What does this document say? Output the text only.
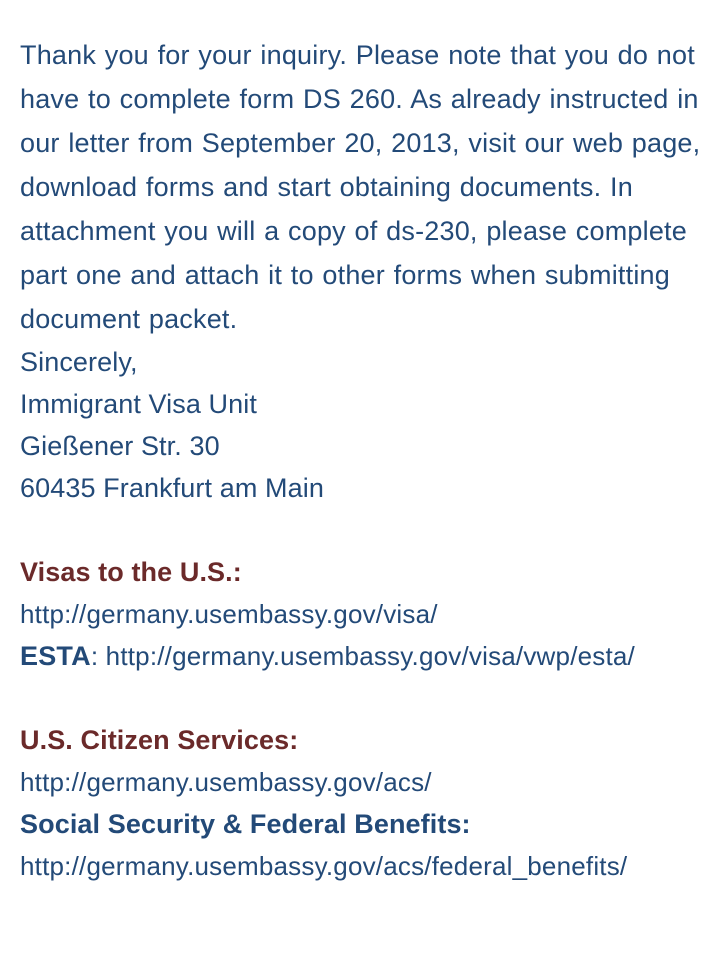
Thank you for your inquiry. Please note that you do not have to complete form DS 260. As already instructed in our letter from September 20, 2013, visit our web page, download forms and start obtaining documents. In attachment you will a copy of ds-230, please complete part one and attach it to other forms when submitting document packet.

Sincerely,
Immigrant Visa Unit
Gießener Str. 30
60435 Frankfurt am Main
Visas to the U.S.:
http://germany.usembassy.gov/visa/
ESTA: http://germany.usembassy.gov/visa/vwp/esta/
U.S. Citizen Services:
http://germany.usembassy.gov/acs/
Social Security & Federal Benefits:
http://germany.usembassy.gov/acs/federal_benefits/
